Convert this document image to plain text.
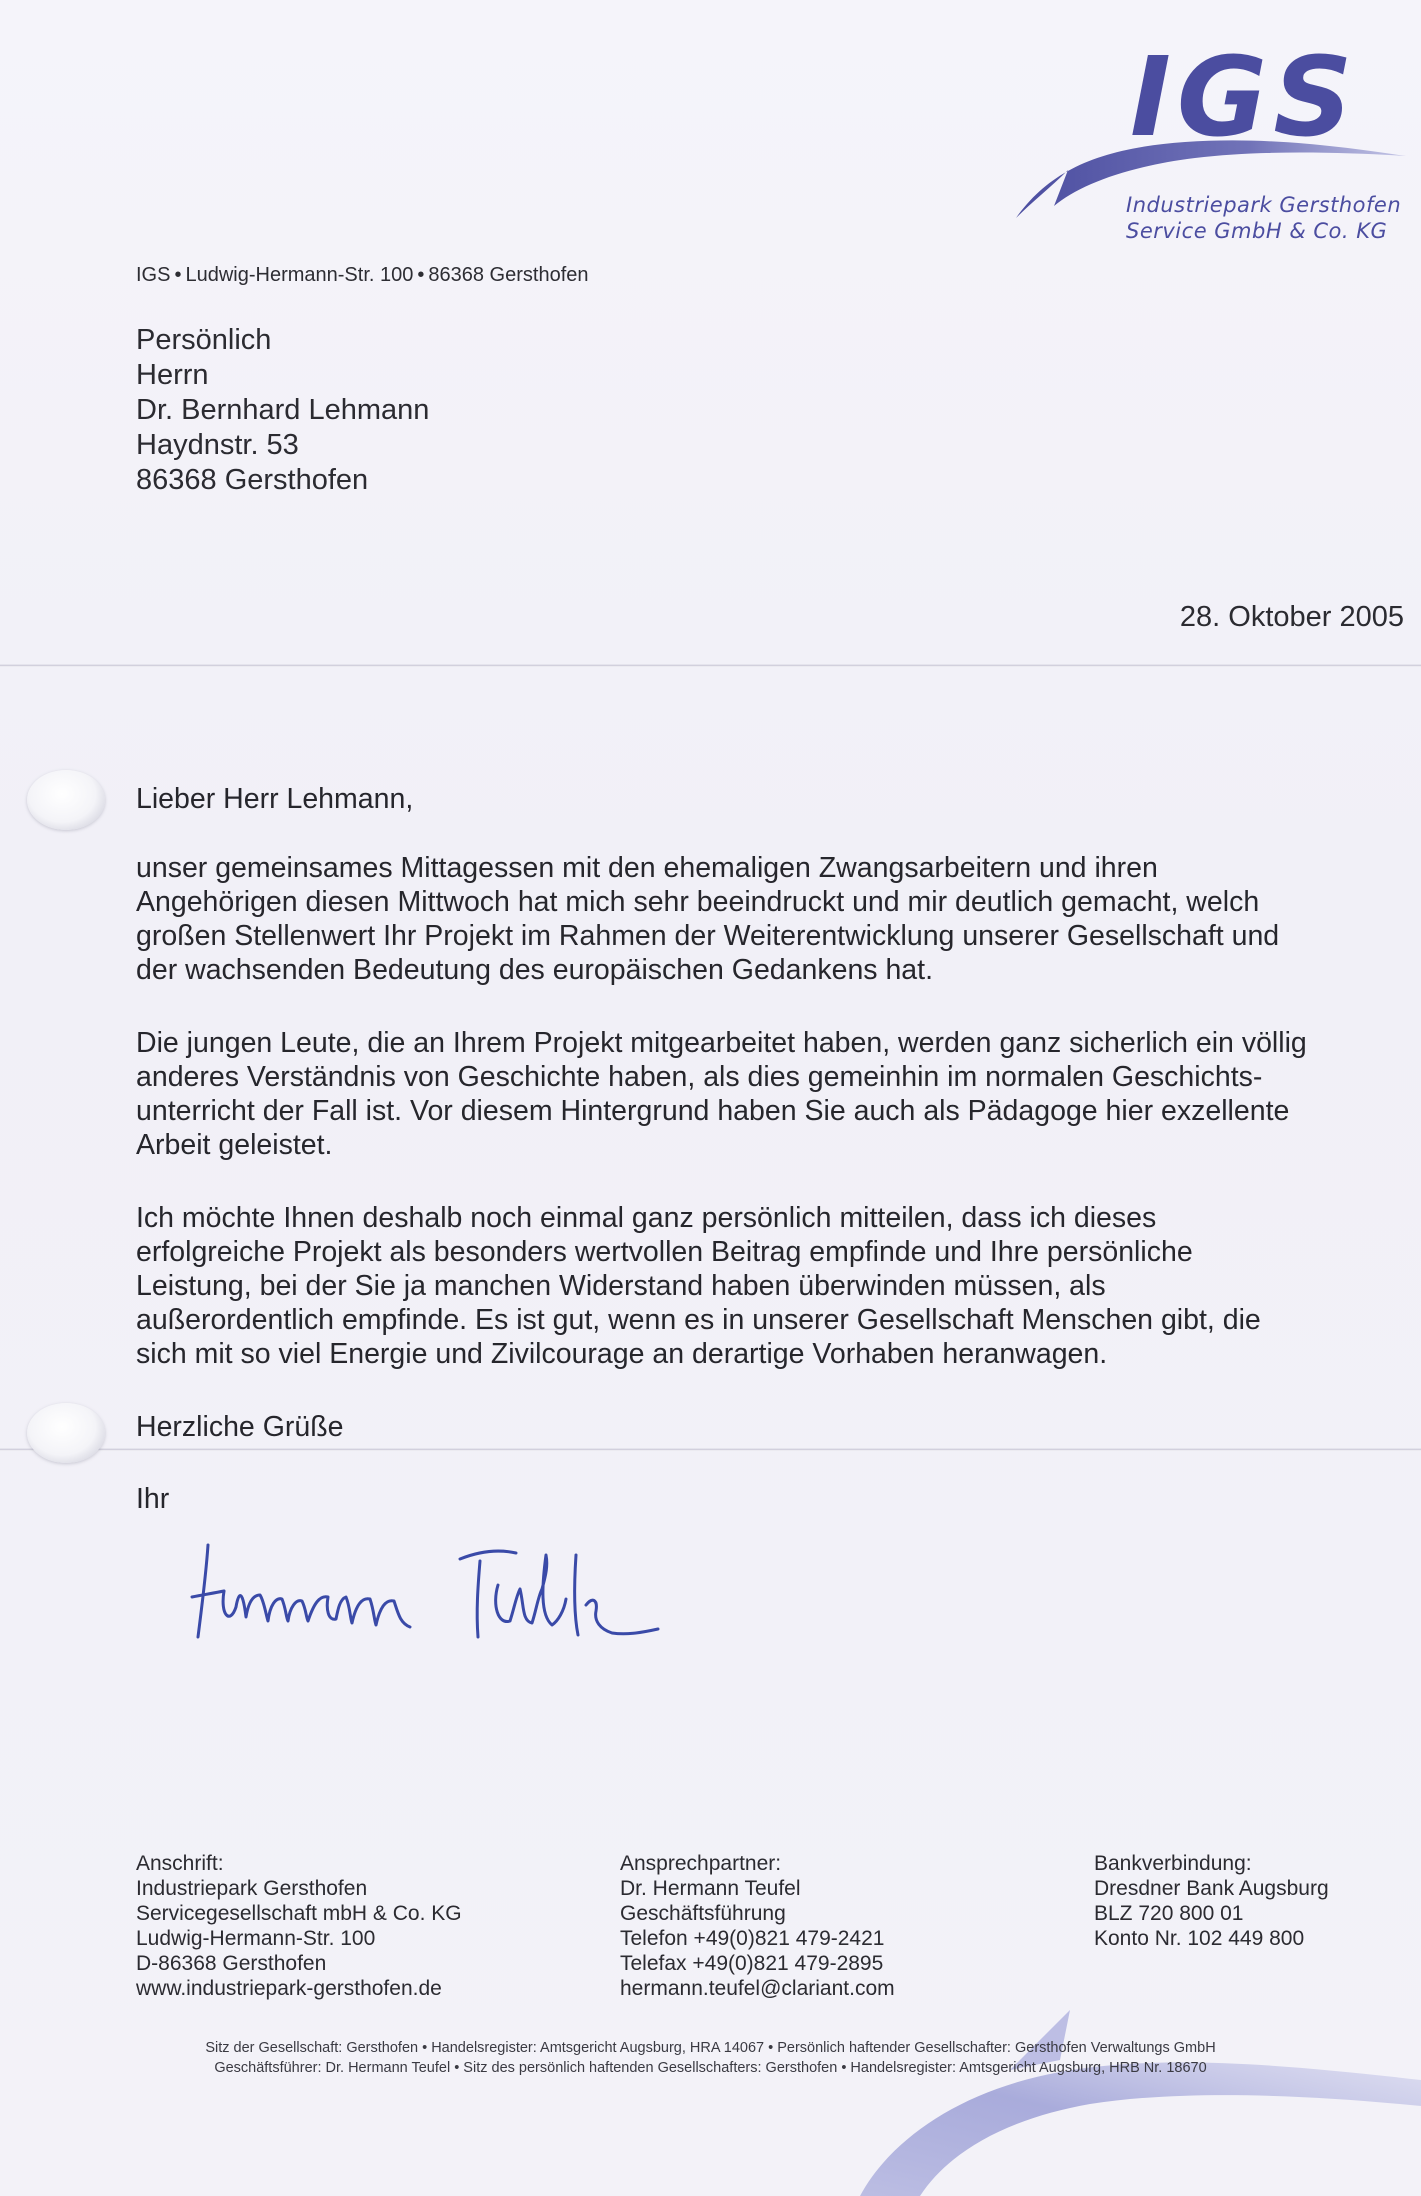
IGS
Industriepark Gersthofen
Service GmbH & Co. KG
IGS • Ludwig-Hermann-Str. 100 • 86368 Gersthofen
Persönlich
Herrn
Dr. Bernhard Lehmann
Haydnstr. 53
86368 Gersthofen
28. Oktober 2005
Lieber Herr Lehmann,
unser gemeinsames Mittagessen mit den ehemaligen Zwangsarbeitern und ihren
Angehörigen diesen Mittwoch hat mich sehr beeindruckt und mir deutlich gemacht, welch
großen Stellenwert Ihr Projekt im Rahmen der Weiterentwicklung unserer Gesellschaft und
der wachsenden Bedeutung des europäischen Gedankens hat.
Die jungen Leute, die an Ihrem Projekt mitgearbeitet haben, werden ganz sicherlich ein völlig
anderes Verständnis von Geschichte haben, als dies gemeinhin im normalen Geschichts-
unterricht der Fall ist. Vor diesem Hintergrund haben Sie auch als Pädagoge hier exzellente
Arbeit geleistet.
Ich möchte Ihnen deshalb noch einmal ganz persönlich mitteilen, dass ich dieses
erfolgreiche Projekt als besonders wertvollen Beitrag empfinde und Ihre persönliche
Leistung, bei der Sie ja manchen Widerstand haben überwinden müssen, als
außerordentlich empfinde. Es ist gut, wenn es in unserer Gesellschaft Menschen gibt, die
sich mit so viel Energie und Zivilcourage an derartige Vorhaben heranwagen.
Herzliche Grüße
Ihr
Anschrift:
Industriepark Gersthofen
Servicegesellschaft mbH & Co. KG
Ludwig-Hermann-Str. 100
D-86368 Gersthofen
www.industriepark-gersthofen.de
Ansprechpartner:
Dr. Hermann Teufel
Geschäftsführung
Telefon +49(0)821 479-2421
Telefax +49(0)821 479-2895
hermann.teufel@clariant.com
Bankverbindung:
Dresdner Bank Augsburg
BLZ 720 800 01
Konto Nr. 102 449 800
Sitz der Gesellschaft: Gersthofen • Handelsregister: Amtsgericht Augsburg, HRA 14067 • Persönlich haftender Gesellschafter: Gersthofen Verwaltungs GmbH
Geschäftsführer: Dr. Hermann Teufel • Sitz des persönlich haftenden Gesellschafters: Gersthofen • Handelsregister: Amtsgericht Augsburg, HRB Nr. 18670
